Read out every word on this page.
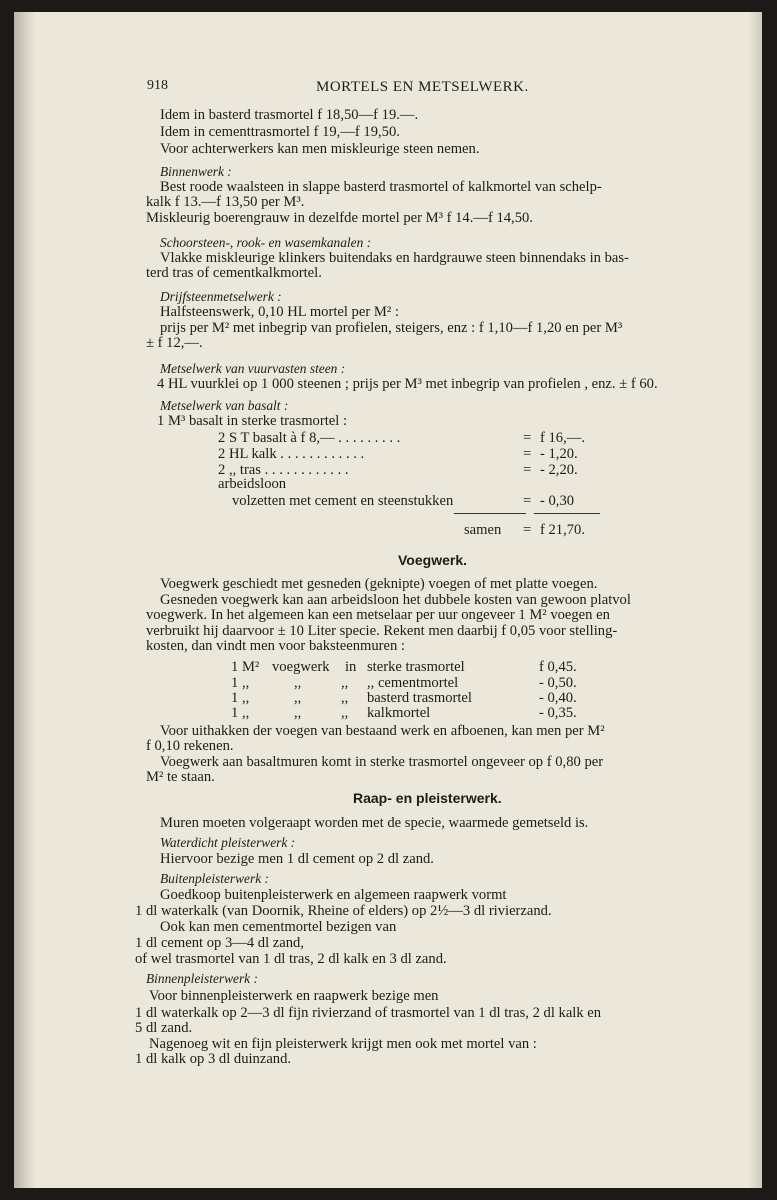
918	MORTELS EN METSELWERK.
Idem in basterd trasmortel f 18,50—f 19.—.
Idem in cementtrasmortel f 19,—f 19,50.
Voor achterwerkers kan men miskleurige steen nemen.
Binnenwerk :
Best roode waalsteen in slappe basterd trasmortel of kalkmortel van schelp-
kalk f 13.—f 13,50 per M³.
Miskleurig boerengrauw in dezelfde mortel per M³ f 14.—f 14,50.
Schoorsteen-, rook- en wasemkanalen :
Vlakke miskleurige klinkers buitendaks en hardgrauwe steen binnendaks in bas-
terd tras of cementkalkmortel.
Drijfsteenmetselwerk :
Halfsteenswerk, 0,10 HL mortel per M² :
prijs per M² met inbegrip van profielen, steigers, enz : f 1,10—f 1,20 en per M³
± f 12,—.
Metselwerk van vuurvasten steen :
4 HL vuurklei op 1 000 steenen ; prijs per M³ met inbegrip van profielen , enz. ± f 60.
Metselwerk van basalt :
1 M³ basalt in sterke trasmortel :
2 S T basalt à f 8,— . . . . . . . . .	= f 16,—.
2 HL kalk . . . . . . . . . . . .	= - 1,20.
2 ,, tras . . . . . . . . . . . .	= - 2,20.
arbeidsloon
volzetten met cement en steenstukken	= - 0,30
samen = f 21,70.
Voegwerk.
Voegwerk geschiedt met gesneden (geknipte) voegen of met platte voegen.
Gesneden voegwerk kan aan arbeidsloon het dubbele kosten van gewoon platvol
voegwerk. In het algemeen kan een metselaar per uur ongeveer 1 M² voegen en
verbruikt hij daarvoor ± 10 Liter specie. Rekent men daarbij f 0,05 voor stelling-
kosten, dan vindt men voor baksteenmuren :
1 M² voegwerk in sterke trasmortel	f 0,45.
1 ,,	,,	,, ,, cementmortel	- 0,50.
1 ,,	,,	,, basterd trasmortel	- 0,40.
1 ,,	,,	,, kalkmortel	- 0,35.
Voor uithakken der voegen van bestaand werk en afboenen, kan men per M²
f 0,10 rekenen.
Voegwerk aan basaltmuren komt in sterke trasmortel ongeveer op f 0,80 per
M² te staan.
Raap- en pleisterwerk.
Muren moeten volgeraapt worden met de specie, waarmede gemetseld is.
Waterdicht pleisterwerk :
Hiervoor bezige men 1 dl cement op 2 dl zand.
Buitenpleisterwerk :
Goedkoop buitenpleisterwerk en algemeen raapwerk vormt
1 dl waterkalk (van Doornik, Rheine of elders) op 2½—3 dl rivierzand.
Ook kan men cementmortel bezigen van
1 dl cement op 3—4 dl zand,
of wel trasmortel van 1 dl tras, 2 dl kalk en 3 dl zand.
Binnenpleisterwerk :
Voor binnenpleisterwerk en raapwerk bezige men
1 dl waterkalk op 2—3 dl fijn rivierzand of trasmortel van 1 dl tras, 2 dl kalk en
5 dl zand.
Nagenoeg wit en fijn pleisterwerk krijgt men ook met mortel van :
1 dl kalk op 3 dl duinzand.
